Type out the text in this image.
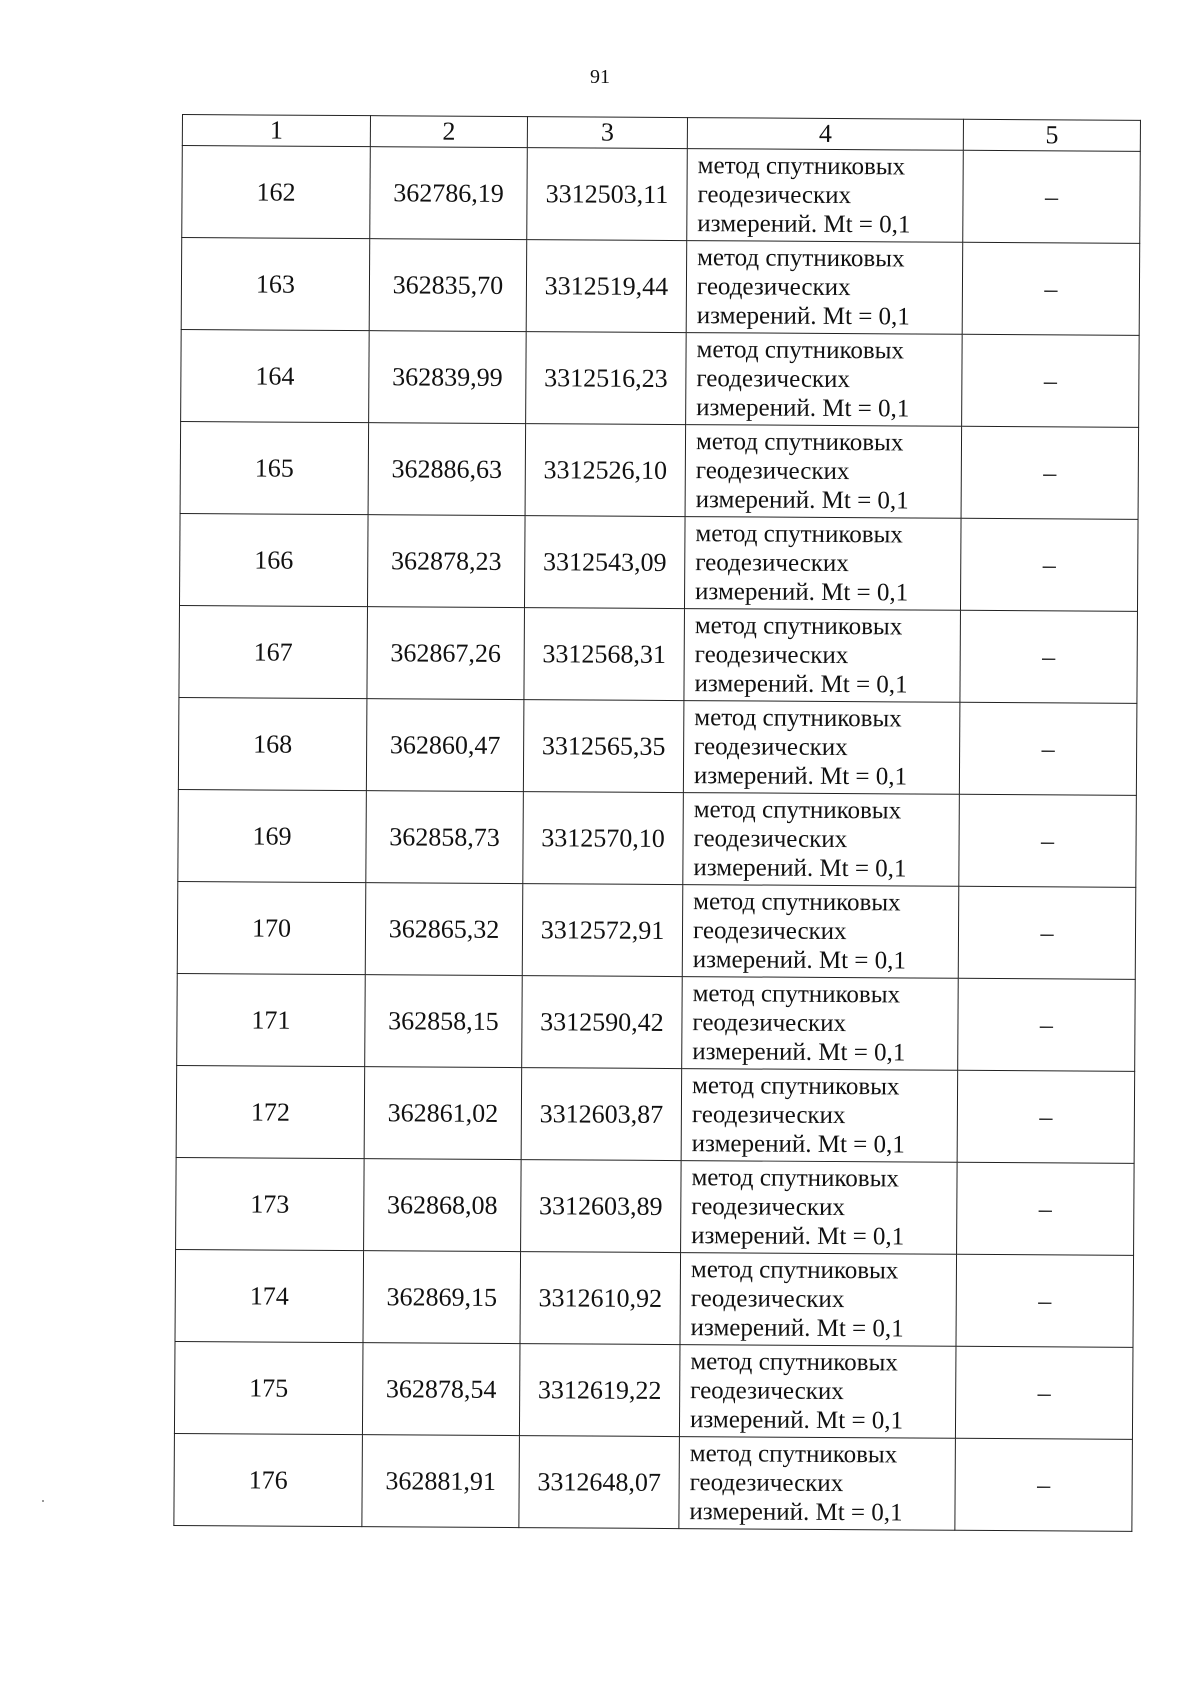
91
1	2	3	4	5
162	362786,19	3312503,11	метод спутниковых
геодезических
измерений. Mt = 0,1	–
163	362835,70	3312519,44	метод спутниковых
геодезических
измерений. Mt = 0,1	–
164	362839,99	3312516,23	метод спутниковых
геодезических
измерений. Mt = 0,1	–
165	362886,63	3312526,10	метод спутниковых
геодезических
измерений. Mt = 0,1	–
166	362878,23	3312543,09	метод спутниковых
геодезических
измерений. Mt = 0,1	–
167	362867,26	3312568,31	метод спутниковых
геодезических
измерений. Mt = 0,1	–
168	362860,47	3312565,35	метод спутниковых
геодезических
измерений. Mt = 0,1	–
169	362858,73	3312570,10	метод спутниковых
геодезических
измерений. Mt = 0,1	–
170	362865,32	3312572,91	метод спутниковых
геодезических
измерений. Mt = 0,1	–
171	362858,15	3312590,42	метод спутниковых
геодезических
измерений. Mt = 0,1	–
172	362861,02	3312603,87	метод спутниковых
геодезических
измерений. Mt = 0,1	–
173	362868,08	3312603,89	метод спутниковых
геодезических
измерений. Mt = 0,1	–
174	362869,15	3312610,92	метод спутниковых
геодезических
измерений. Mt = 0,1	–
175	362878,54	3312619,22	метод спутниковых
геодезических
измерений. Mt = 0,1	–
176	362881,91	3312648,07	метод спутниковых
геодезических
измерений. Mt = 0,1	–
